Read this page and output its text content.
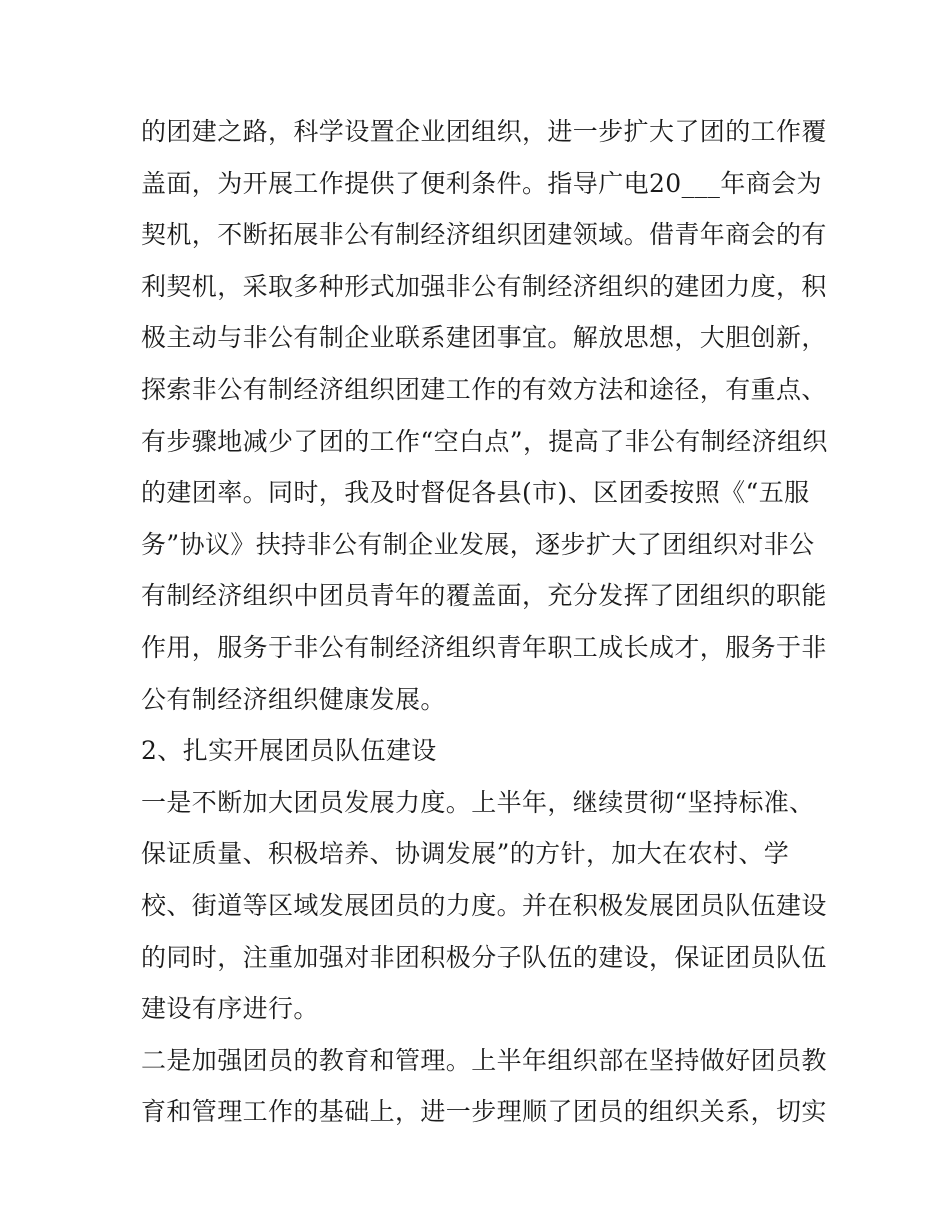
的团建之路，科学设置企业团组织，进一步扩大了团的工作覆
盖面，为开展工作提供了便利条件。指导广电20___年商会为
契机，不断拓展非公有制经济组织团建领域。借青年商会的有
利契机，采取多种形式加强非公有制经济组织的建团力度，积
极主动与非公有制企业联系建团事宜。解放思想，大胆创新，
探索非公有制经济组织团建工作的有效方法和途径，有重点、
有步骤地减少了团的工作“空白点”，提高了非公有制经济组织
的建团率。同时，我及时督促各县(市)、区团委按照《“五服
务”协议》扶持非公有制企业发展，逐步扩大了团组织对非公
有制经济组织中团员青年的覆盖面，充分发挥了团组织的职能
作用，服务于非公有制经济组织青年职工成长成才，服务于非
公有制经济组织健康发展。
2、扎实开展团员队伍建设
一是不断加大团员发展力度。上半年，继续贯彻“坚持标准、
保证质量、积极培养、协调发展”的方针，加大在农村、学
校、街道等区域发展团员的力度。并在积极发展团员队伍建设
的同时，注重加强对非团积极分子队伍的建设，保证团员队伍
建设有序进行。
二是加强团员的教育和管理。上半年组织部在坚持做好团员教
育和管理工作的基础上，进一步理顺了团员的组织关系，切实
